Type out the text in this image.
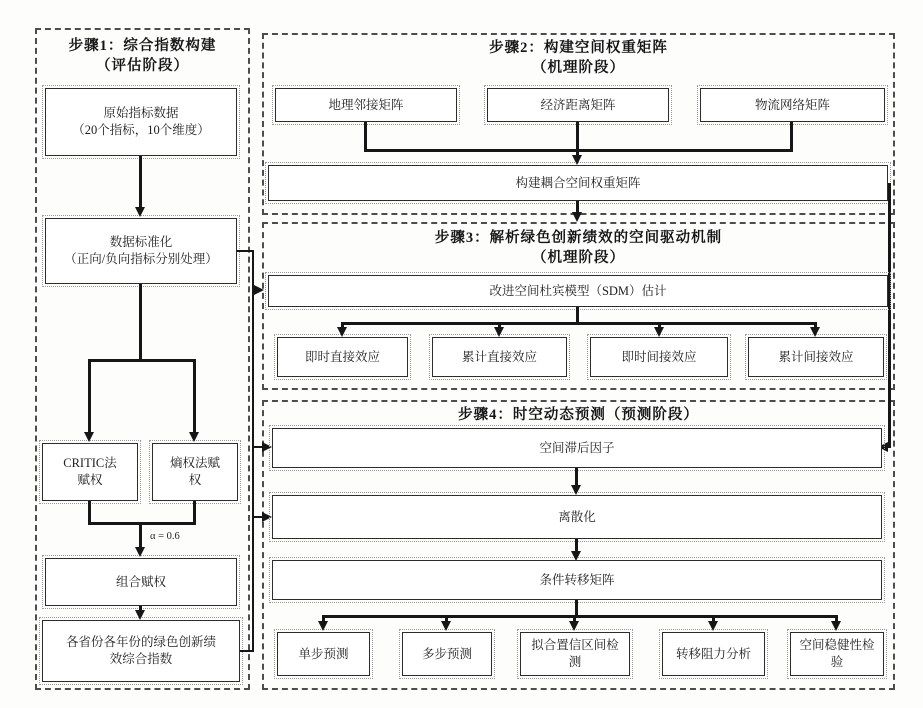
步骤1：综合指数构建
（评估阶段）
步骤2：构建空间权重矩阵
（机理阶段）
步骤3：解析绿色创新绩效的空间驱动机制
（机理阶段）
步骤4：时空动态预测（预测阶段）
原始指标数据
（20个指标，10个维度）
数据标准化
（正向/负向指标分别处理）
CRITIC法
赋权
熵权法赋
权
α = 0.6
组合赋权
各省份各年份的绿色创新绩
效综合指数
地理邻接矩阵	经济距离矩阵	物流网络矩阵
构建耦合空间权重矩阵
改进空间杜宾模型（SDM）估计
即时直接效应	累计直接效应	即时间接效应	累计间接效应
空间滞后因子
离散化
条件转移矩阵
单步预测	多步预测
拟合置信区间检
测
转移阻力分析
空间稳健性检
验
